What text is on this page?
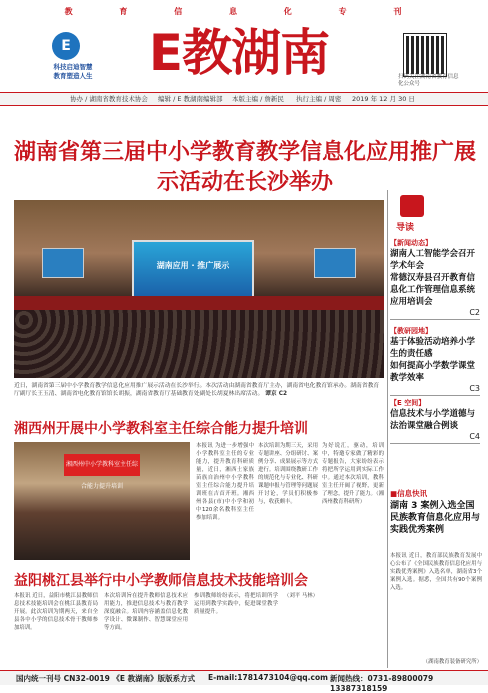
教 育 信 息 化 专 刊
E
科技启迪智慧
教育塑造人生	E教湖南	扫码关注湖南省教育信息化公众号
协办 / 湖南省教育技术协会 编辑 / E 教湖南编辑部 本版主编 / 詹新民 执行主编 / 周密 2019 年 12 月 30 日
湖南省第三届中小学教育教学信息化应用推广展示活动在长沙举办
湖南应用 · 推广展示
近日，湖南省第三届中小学教育教学信息化应用推广展示活动在长沙举行。本次活动由湖南省教育厅主办，湖南省电化教育馆承办。湖南省教育厅副厅长王玉清、湖南省电化教育馆馆长胡振，湖南省教育厅基础教育处副处长胡夏林出席活动。 谭京 C2
导读
【新闻动态】
湖南人工智能学会召开学术年会
常德汉寿县召开教育信息化工作管理信息系统应用培训会
C2
【教研园地】
基于体验活动培养小学生的责任感
如何提高小学数学课堂教学效率
C3
【E 空间】
信息技术与小学道德与法治课堂融合例谈
C4
湘西州开展中小学教科室主任综合能力提升培训
湘西州中小学教科室主任综合能力提升培训
本报讯 为进一步增强中小学教科室主任的专业能力，提升教育科研质量，近日，湘西土家族苗族自治州中小学教科室主任综合能力提升培训班在吉首开班。湘西州各县(市)中小学和初中120余名教科室主任参加培训。
本次培训为期三天，采用专题讲座、分组研讨、案例分享、成果展示等方式进行。培训围绕教研工作的规范化与专业化、科研课题申报与管理等问题展开讨论，学员们积极参与，收获颇丰。
为好说汇，驱动，培训中，特邀专家做了精彩的专题报告，大家纷纷表示将把所学运用到实际工作中。通过本次培训，教科室主任开阔了视野，更新了理念，提升了能力。（湘西州教育科研所）
益阳桃江县举行中小学教师信息技术技能培训会
本报讯 近日，益阳市桃江县教师信息技术技能培训会在桃江县教育局开展。此次培训为期两天，来自全县各中小学的信息技术骨干教师参加培训。
本次培训旨在提升教师信息技术应用能力，推进信息技术与教育教学深度融合。培训内容涵盖信息化教学设计、微课制作、智慧课堂应用等方面。
参训教师纷纷表示，将把培训所学运用到教学实践中，促进课堂教学质量提升。
（刘平 马林）
■信息快讯
湖南 3 案例入选全国民族教育信息化应用与实践优秀案例
本报讯 近日，教育部民族教育发展中心公布了《全国民族教育信息化应用与实践优秀案例》入选名单，湖南省3个案例入选。据悉，全国共有90个案例入选。
（湖南教育装备研究所）
国内统一刊号 CN32-0019 《E 教湖南》版版系方式 E-mail:1781473104@qq.com 新闻热线：0731-89800079 13387318159
